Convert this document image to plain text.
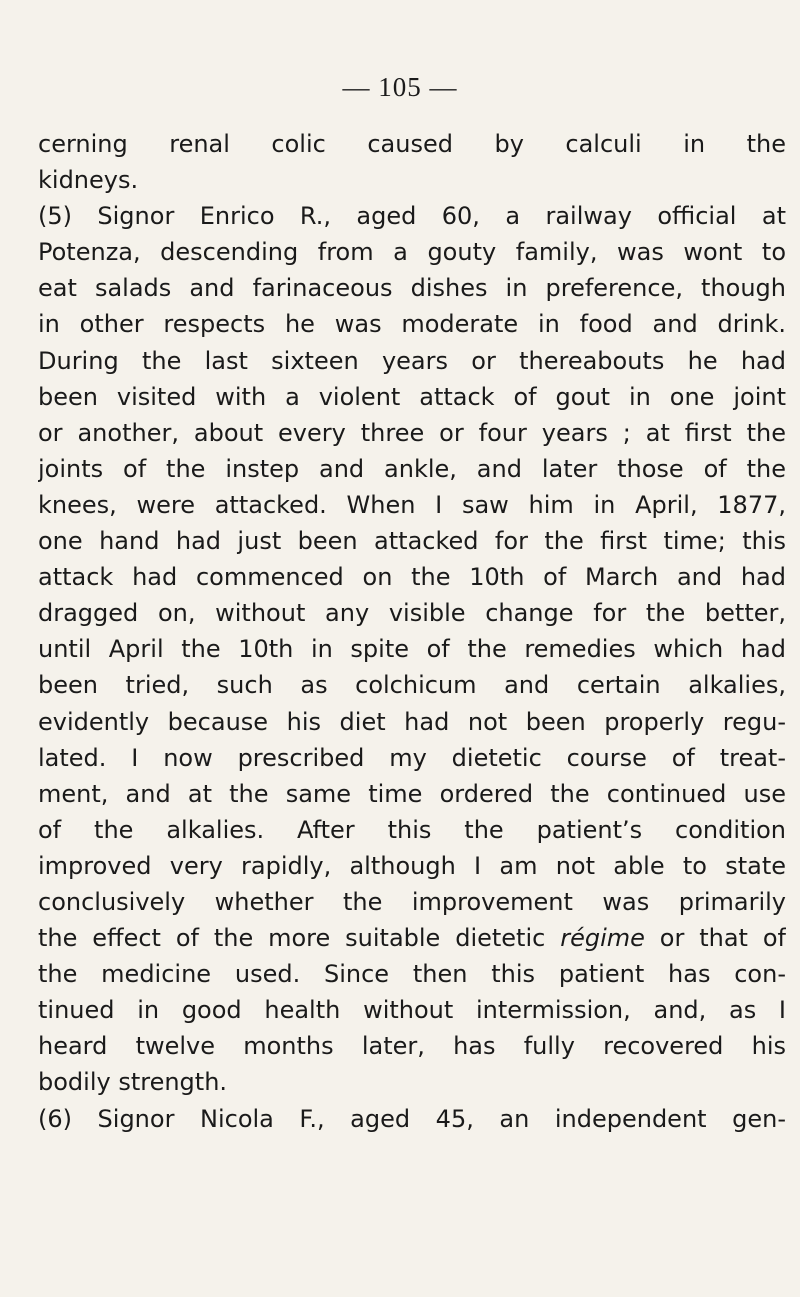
— 105 —
cerning renal colic caused by calculi in the
kidneys.
(5) Signor Enrico R., aged 60, a railway official at
Potenza, descending from a gouty family, was wont to
eat salads and farinaceous dishes in preference, though
in other respects he was moderate in food and drink.
During the last sixteen years or thereabouts he had
been visited with a violent attack of gout in one joint
or another, about every three or four years ; at first the
joints of the instep and ankle, and later those of the
knees, were attacked. When I saw him in April, 1877,
one hand had just been attacked for the first time; this
attack had commenced on the 10th of March and had
dragged on, without any visible change for the better,
until April the 10th in spite of the remedies which had
been tried, such as colchicum and certain alkalies,
evidently because his diet had not been properly regu-
lated. I now prescribed my dietetic course of treat-
ment, and at the same time ordered the continued use
of the alkalies. After this the patient’s condition
improved very rapidly, although I am not able to state
conclusively whether the improvement was primarily
the effect of the more suitable dietetic régime or that of
the medicine used. Since then this patient has con-
tinued in good health without intermission, and, as I
heard twelve months later, has fully recovered his
bodily strength.
(6) Signor Nicola F., aged 45, an independent gen-
